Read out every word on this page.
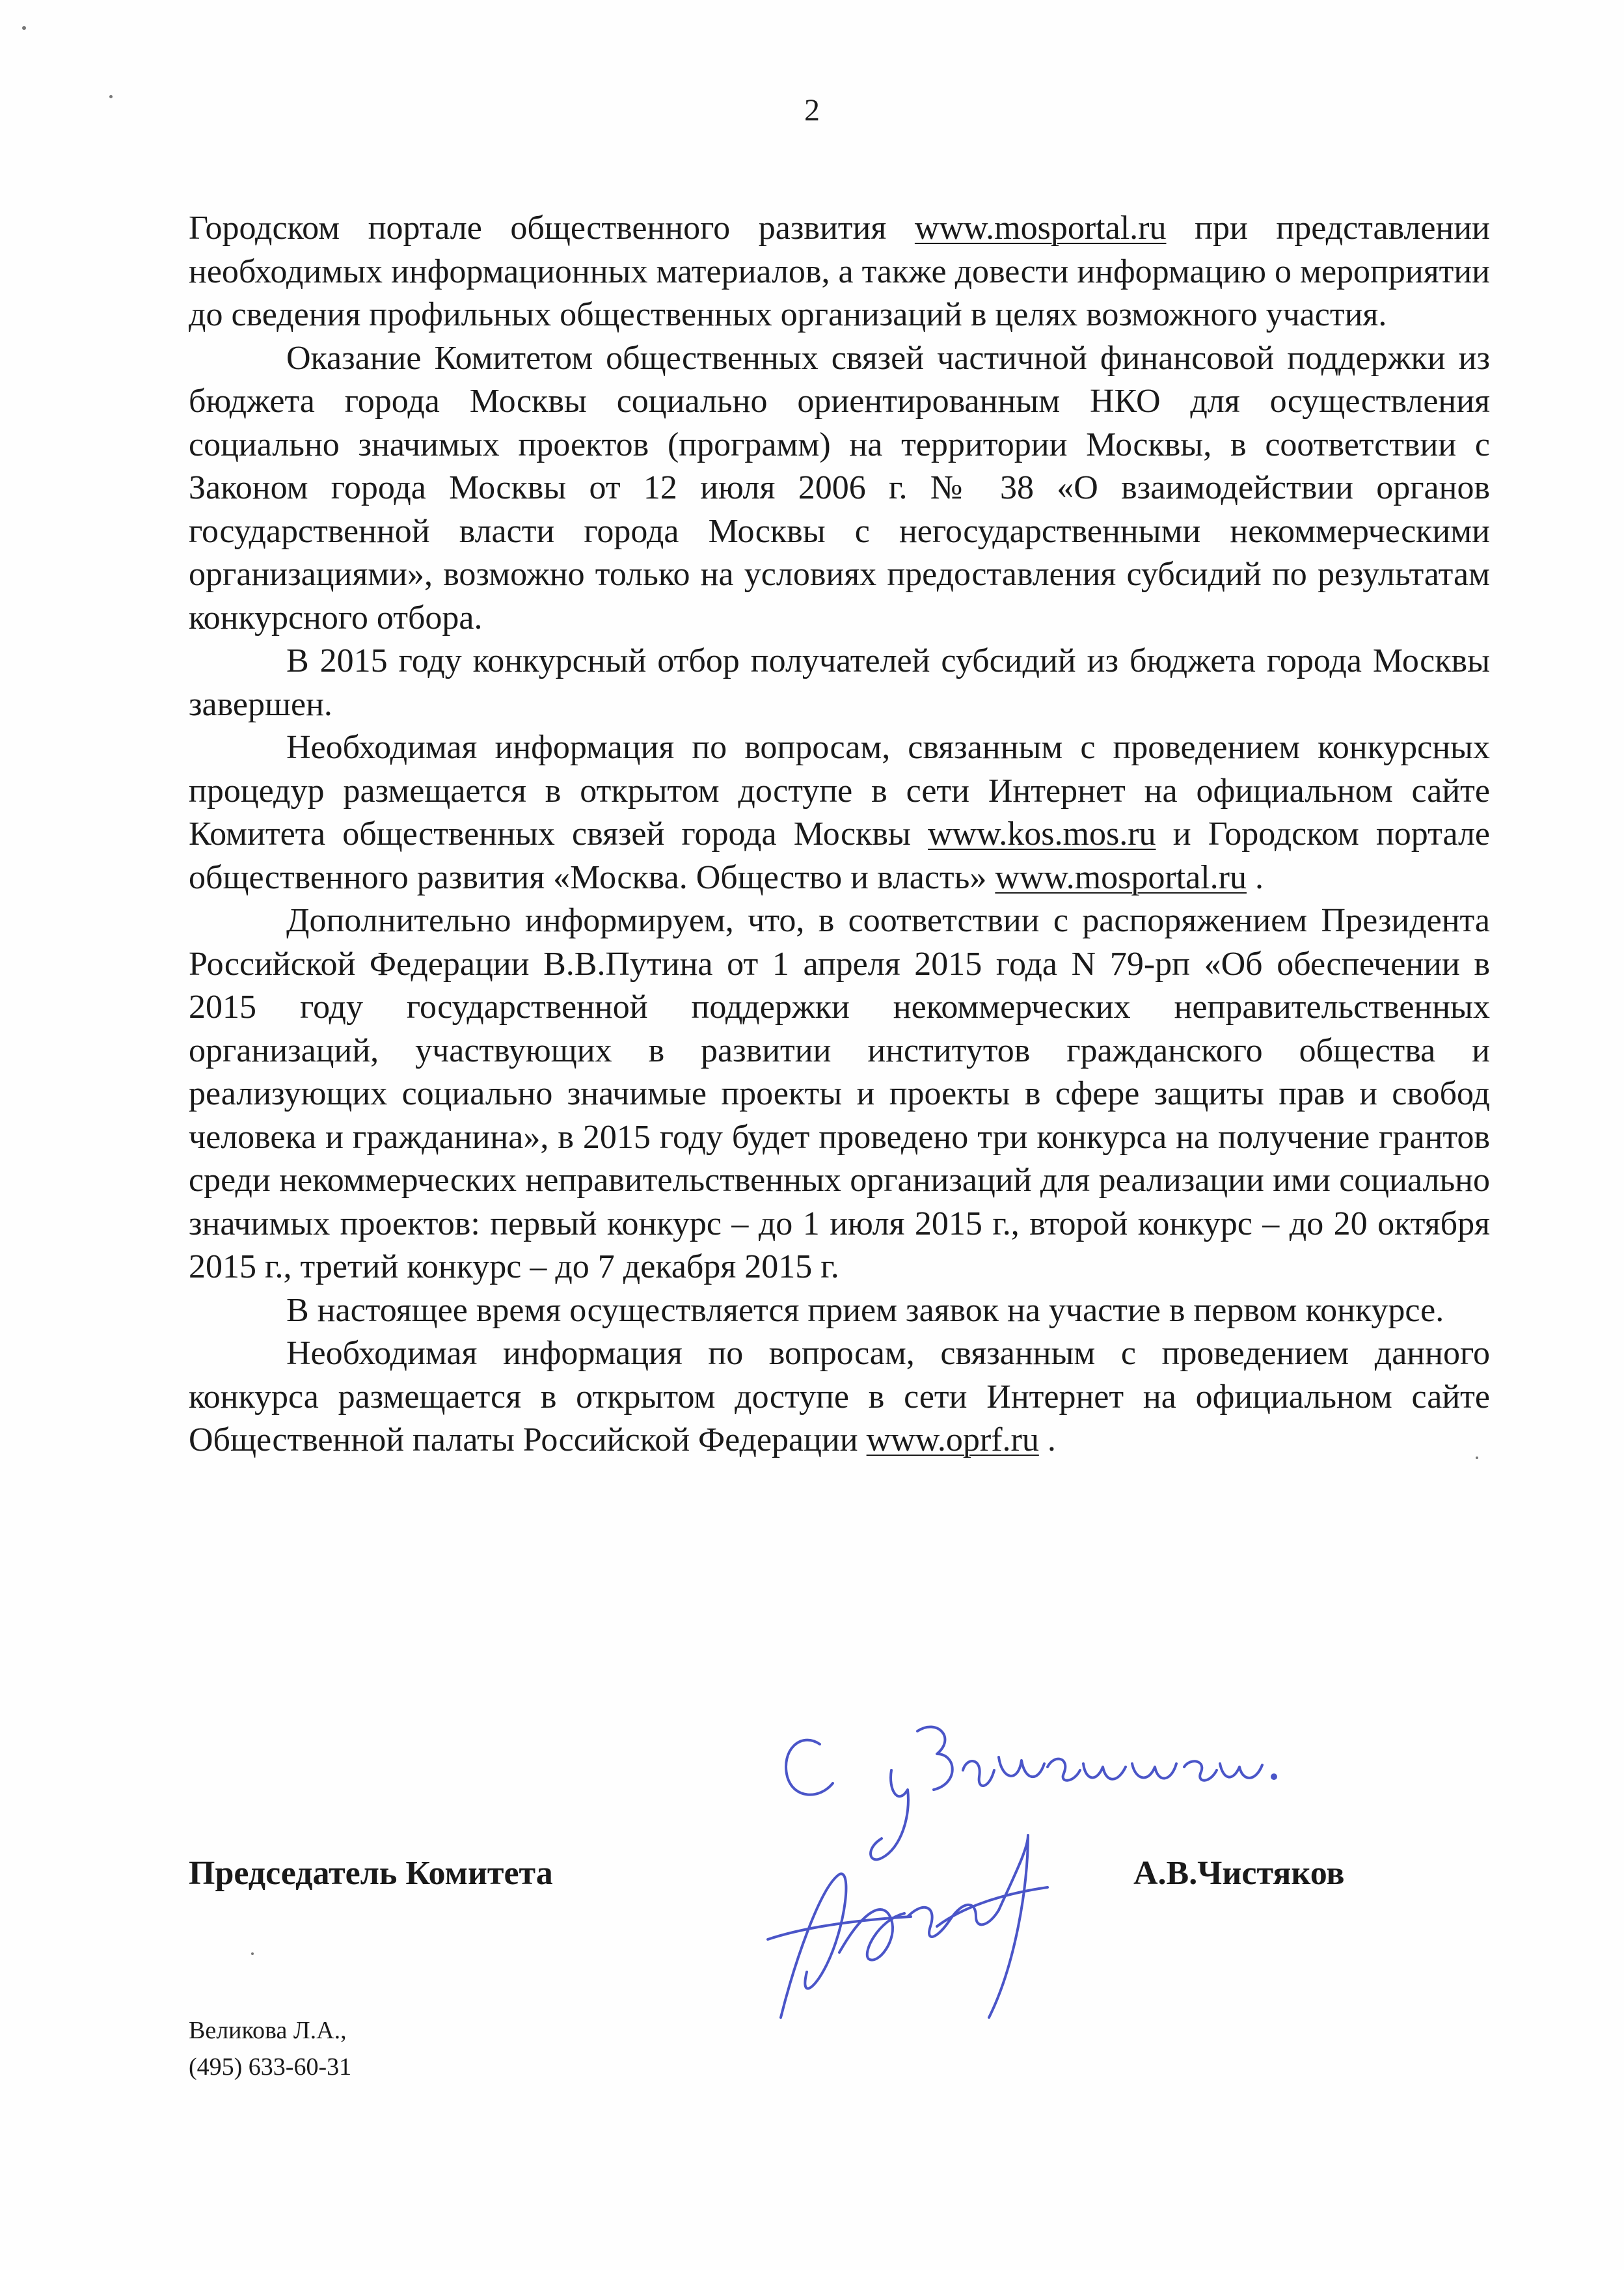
2

Городском портале общественного развития www.mosportal.ru при представлении необходимых информационных материалов, а также довести информацию о мероприятии до сведения профильных общественных организаций в целях возможного участия.

Оказание Комитетом общественных связей частичной финансовой поддержки из бюджета города Москвы социально ориентированным НКО для осуществления социально значимых проектов (программ) на территории Москвы, в соответствии с Законом города Москвы от 12 июля 2006 г. № 38 «О взаимодействии органов государственной власти города Москвы с негосударственными некоммерческими организациями», возможно только на условиях предоставления субсидий по результатам конкурсного отбора.

В 2015 году конкурсный отбор получателей субсидий из бюджета города Москвы завершен.

Необходимая информация по вопросам, связанным с проведением конкурсных процедур размещается в открытом доступе в сети Интернет на официальном сайте Комитета общественных связей города Москвы www.kos.mos.ru и Городском портале общественного развития «Москва. Общество и власть» www.mosportal.ru .

Дополнительно информируем, что, в соответствии с распоряжением Президента Российской Федерации В.В.Путина от 1 апреля 2015 года N 79-рп «Об обеспечении в 2015 году государственной поддержки некоммерческих неправительственных организаций, участвующих в развитии институтов гражданского общества и реализующих социально значимые проекты и проекты в сфере защиты прав и свобод человека и гражданина», в 2015 году будет проведено три конкурса на получение грантов среди некоммерческих неправительственных организаций для реализации ими социально значимых проектов: первый конкурс – до 1 июля 2015 г., второй конкурс – до 20 октября 2015 г., третий конкурс – до 7 декабря 2015 г.

В настоящее время осуществляется прием заявок на участие в первом конкурсе.

Необходимая информация по вопросам, связанным с проведением данного конкурса размещается в открытом доступе в сети Интернет на официальном сайте Общественной палаты Российской Федерации www.oprf.ru .

Председатель Комитета	А.В.Чистяков
Великова Л.А.,
(495) 633-60-31
